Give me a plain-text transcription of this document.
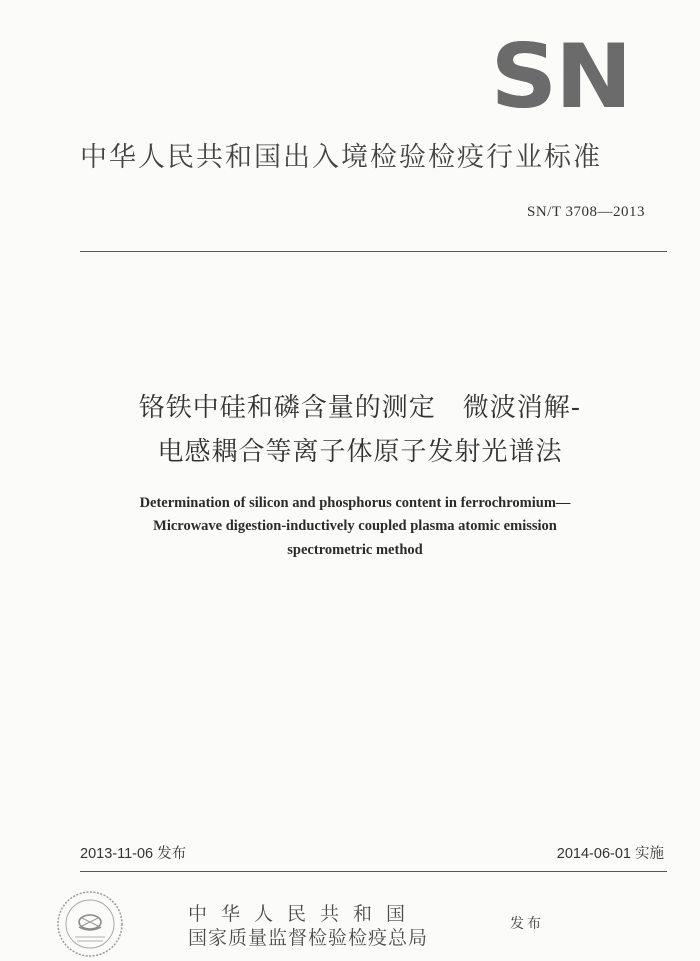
SN
中华人民共和国出入境检验检疫行业标准
SN/T 3708—2013
铬铁中硅和磷含量的测定　微波消解-
电感耦合等离子体原子发射光谱法
Determination of silicon and phosphorus content in ferrochromium—
Microwave digestion-inductively coupled plasma atomic emission
spectrometric method
2013-11-06 发布	2014-06-01 实施
中华人民共和国
国家质量监督检验检疫总局
发布
